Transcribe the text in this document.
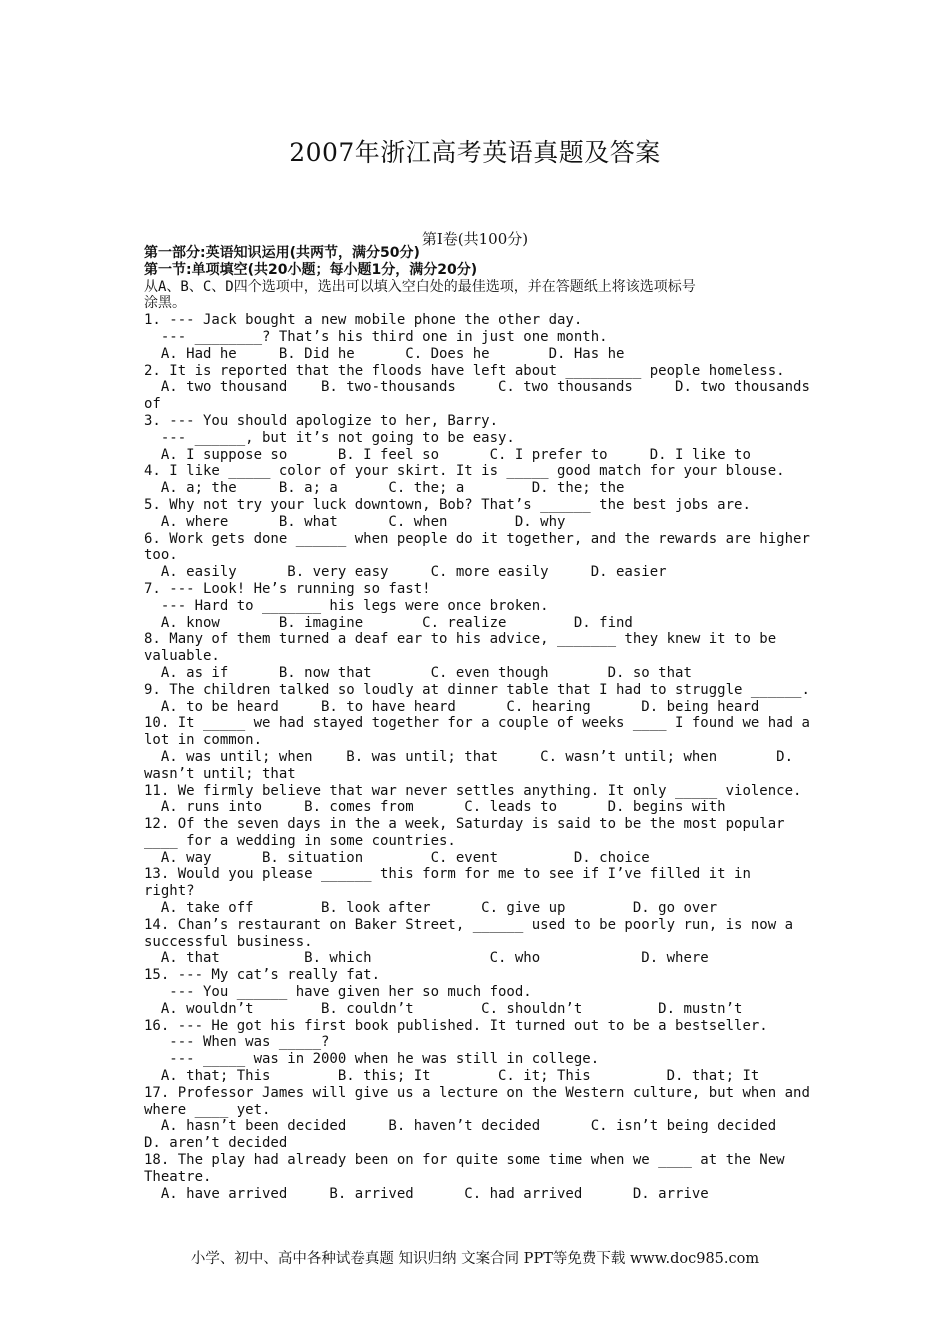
2007年浙江高考英语真题及答案
第Ⅰ卷(共100分)
第一部分:英语知识运用(共两节，满分50分)
第一节:单项填空(共20小题；每小题1分，满分20分)
从A、B、C、D四个选项中，选出可以填入空白处的最佳选项，并在答题纸上将该选项标号
涂黑。
1. --- Jack bought a new mobile phone the other day.
--- ________? That’s his third one in just one month.
A. Had he     B. Did he      C. Does he       D. Has he
2. It is reported that the floods have left about _________ people homeless.
A. two thousand    B. two-thousands     C. two thousands     D. two thousands
of
3. --- You should apologize to her, Barry.
--- ______, but it’s not going to be easy.
A. I suppose so      B. I feel so      C. I prefer to     D. I like to
4. I like _____ color of your skirt. It is _____ good match for your blouse.
A. a; the     B. a; a      C. the; a        D. the; the
5. Why not try your luck downtown, Bob? That’s ______ the best jobs are.
A. where      B. what      C. when        D. why
6. Work gets done ______ when people do it together, and the rewards are higher
too.
A. easily      B. very easy     C. more easily     D. easier
7. --- Look! He’s running so fast!
--- Hard to _______ his legs were once broken.
A. know       B. imagine       C. realize        D. find
8. Many of them turned a deaf ear to his advice, _______ they knew it to be
valuable.
A. as if      B. now that       C. even though       D. so that
9. The children talked so loudly at dinner table that I had to struggle ______.
A. to be heard     B. to have heard      C. hearing      D. being heard
10. It _____ we had stayed together for a couple of weeks ____ I found we had a
lot in common.
A. was until; when    B. was until; that     C. wasn’t until; when       D.
wasn’t until; that
11. We firmly believe that war never settles anything. It only _____ violence.
A. runs into     B. comes from      C. leads to      D. begins with
12. Of the seven days in the a week, Saturday is said to be the most popular
____ for a wedding in some countries.
A. way      B. situation        C. event         D. choice
13. Would you please ______ this form for me to see if I’ve filled it in
right?
A. take off        B. look after      C. give up        D. go over
14. Chan’s restaurant on Baker Street, ______ used to be poorly run, is now a
successful business.
A. that          B. which              C. who            D. where
15. --- My cat’s really fat.
--- You ______ have given her so much food.
A. wouldn’t        B. couldn’t        C. shouldn’t         D. mustn’t
16. --- He got his first book published. It turned out to be a bestseller.
--- When was _____?
--- _____ was in 2000 when he was still in college.
A. that; This        B. this; It        C. it; This         D. that; It
17. Professor James will give us a lecture on the Western culture, but when and
where ____ yet.
A. hasn’t been decided     B. haven’t decided      C. isn’t being decided
D. aren’t decided
18. The play had already been on for quite some time when we ____ at the New
Theatre.
A. have arrived     B. arrived      C. had arrived      D. arrive
小学、初中、高中各种试卷真题 知识归纳 文案合同 PPT等免费下载 www.doc985.com
